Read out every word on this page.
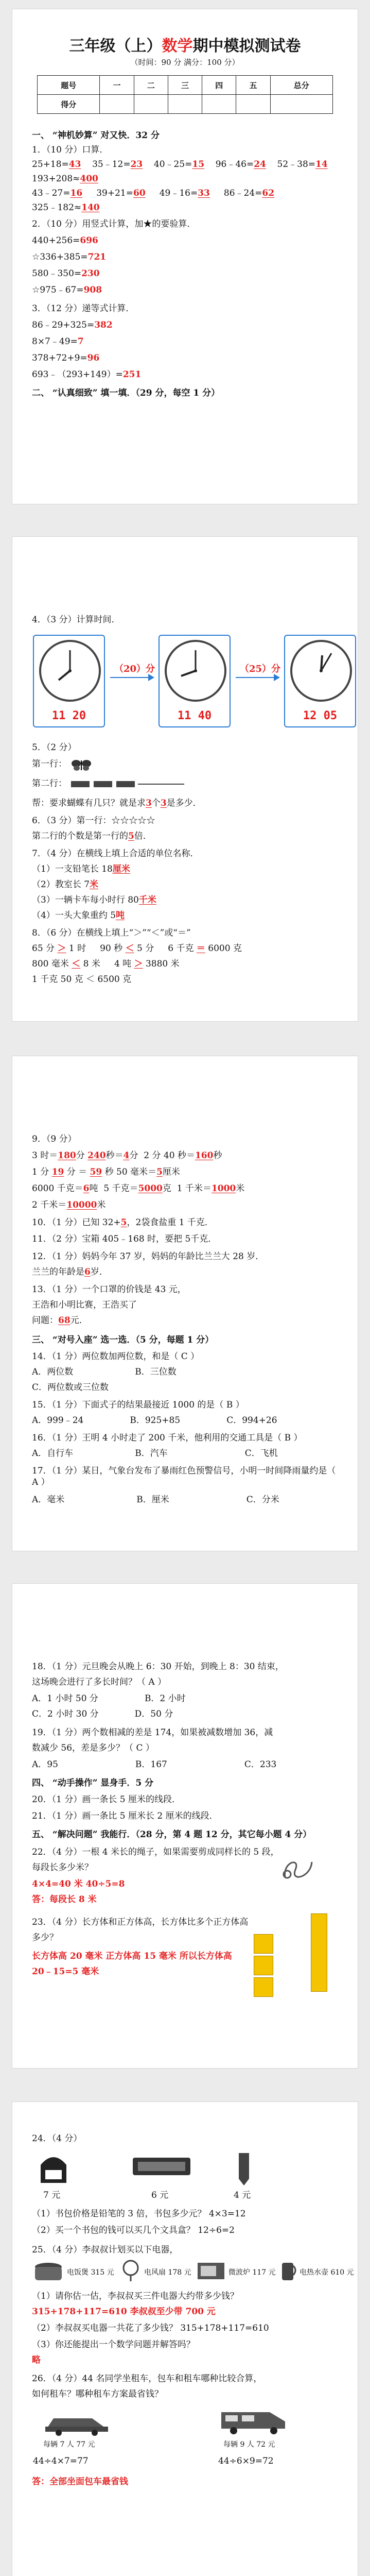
三年级（上）数学期中模拟测试卷
（时间：90 分 满分：100 分）
题号	一	二	三	四	五	总分
得分						
一、 “神机妙算” 对又快．32 分
1．（10 分）口算．
25+18=43 35﹣12=23 40﹣25=15 96﹣46=24 52﹣38=14
193+208≈400
43﹣27=16 39+21=60 49﹣16=33 86﹣24=62
325﹣182≈140
2．（10 分）用竖式计算，加★的要验算．
440+256=696
☆336+385=721
580﹣350=230
☆975﹣67=908
3．（12 分）递等式计算．
86﹣29+325=382
8×7﹣49=7
378+72+9=96
693﹣（293+149）=251
二、 “认真细致” 填一填．（29 分，每空 1 分）
4．（3 分）计算时间．
11 20
（20）分
11 40
（25）分
12 05
5．（2 分）
第一行：
第二行：
帮：要求蝴蝶有几只？就是求3个3是多少．
6．（3 分）第一行：☆☆☆☆☆
第二行的个数是第一行的5倍．
7．（4 分）在横线上填上合适的单位名称．
（1）一支铅笔长 18厘米
（2）教室长 7米
（3）一辆卡车每小时行 80千米
（4）一头大象重约 5吨
8．（6 分）在横线上填上“＞”“＜”或“＝”
65 分 ＞ 1 时 90 秒 ＜ 5 分 6 千克 ＝ 6000 克
800 毫米 ＜ 8 米 4 吨 ＞ 3880 米
1 千克 50 克 ＜ 6500 克
9．（9 分）
3 时＝180分 240秒＝4分 2 分 40 秒＝160秒
1 分 19 分 ＝ 59 秒 50 毫米＝5厘米
6000 千克＝6吨 5 千克＝5000克 1 千米＝1000米
2 千米＝10000米
10．（1 分）已知 32+5，2袋食盐重 1 千克．
11．（2 分）宝箱 405﹣168 时，要把 5千克．
12．（1 分）妈妈今年 37 岁，妈妈的年龄比兰兰大 28 岁．
兰兰的年龄是6岁．
13．（1 分）一个口罩的价钱是 43 元，
王浩和小明比赛，王浩买了
问题：68元．
三、 “对号入座” 选一选．（5 分，每题 1 分）
14．（1 分）两位数加两位数，和是（ C ）
A．两位数	B．三位数
C．两位数或三位数
15．（1 分）下面式子的结果最接近 1000 的是（ B ）
A．999﹣24	B．925+85	C．994+26
16．（1 分）王明 4 小时走了 200 千米，他利用的交通工具是（ B ）
A．自行车	B．汽车	C．飞机
17．（1 分）某日，气象台发布了暴雨红色预警信号，小明一时间降雨量约是（ A ）
A．毫米	B．厘米	C．分米
18．（1 分）元旦晚会从晚上 6：30 开始，到晚上 8：30 结束，
这场晚会进行了多长时间？（ A ）
A．1 小时 50 分	B．2 小时
C．2 小时 30 分	D．50 分
19．（1 分）两个数相减的差是 174，如果被减数增加 36，减
数减少 56，差是多少？（ C ）
A．95	B．167	C．233
四、 “动手操作” 显身手．5 分
20．（1 分）画一条长 5 厘米的线段．
21．（1 分）画一条比 5 厘米长 2 厘米的线段．
五、 “解决问题” 我能行．（28 分，第 4 题 12 分，其它每小题 4 分）
22．（4 分）一根 4 米长的绳子，如果需要剪成同样长的 5 段，
每段长多少米？
4×4=40 米 40÷5=8
答：每段长 8 米
23．（4 分）长方体和正方体高，长方体比多个正方体高
多少？
长方体高 20 毫米 正方体高 15 毫米 所以长方体高
20﹣15=5 毫米
24．（4 分）
7 元	6 元	4 元
（1）书包价格是铅笔的 3 倍，书包多少元？ 4×3=12
（2）买一个书包的钱可以买几个文具盒？ 12÷6=2
25．（4 分）李叔叔计划买以下电器，
电饭煲 315 元	电风扇 178 元	微波炉 117 元	电热水壶 610 元
（1）请你估一估，李叔叔买三件电器大约带多少钱？
315+178+117=610 李叔叔至少带 700 元
（2）李叔叔买电器一共花了多少钱？ 315+178+117=610
（3）你还能提出一个数学问题并解答吗？
略
26．（4 分）44 名同学坐租车，包车和租车哪种比较合算，
如何租车？哪种租车方案最省钱？
每辆 7 人 77 元	每辆 9 人 72 元
44÷4×7=77	44÷6×9=72
答：全部坐面包车最省钱
